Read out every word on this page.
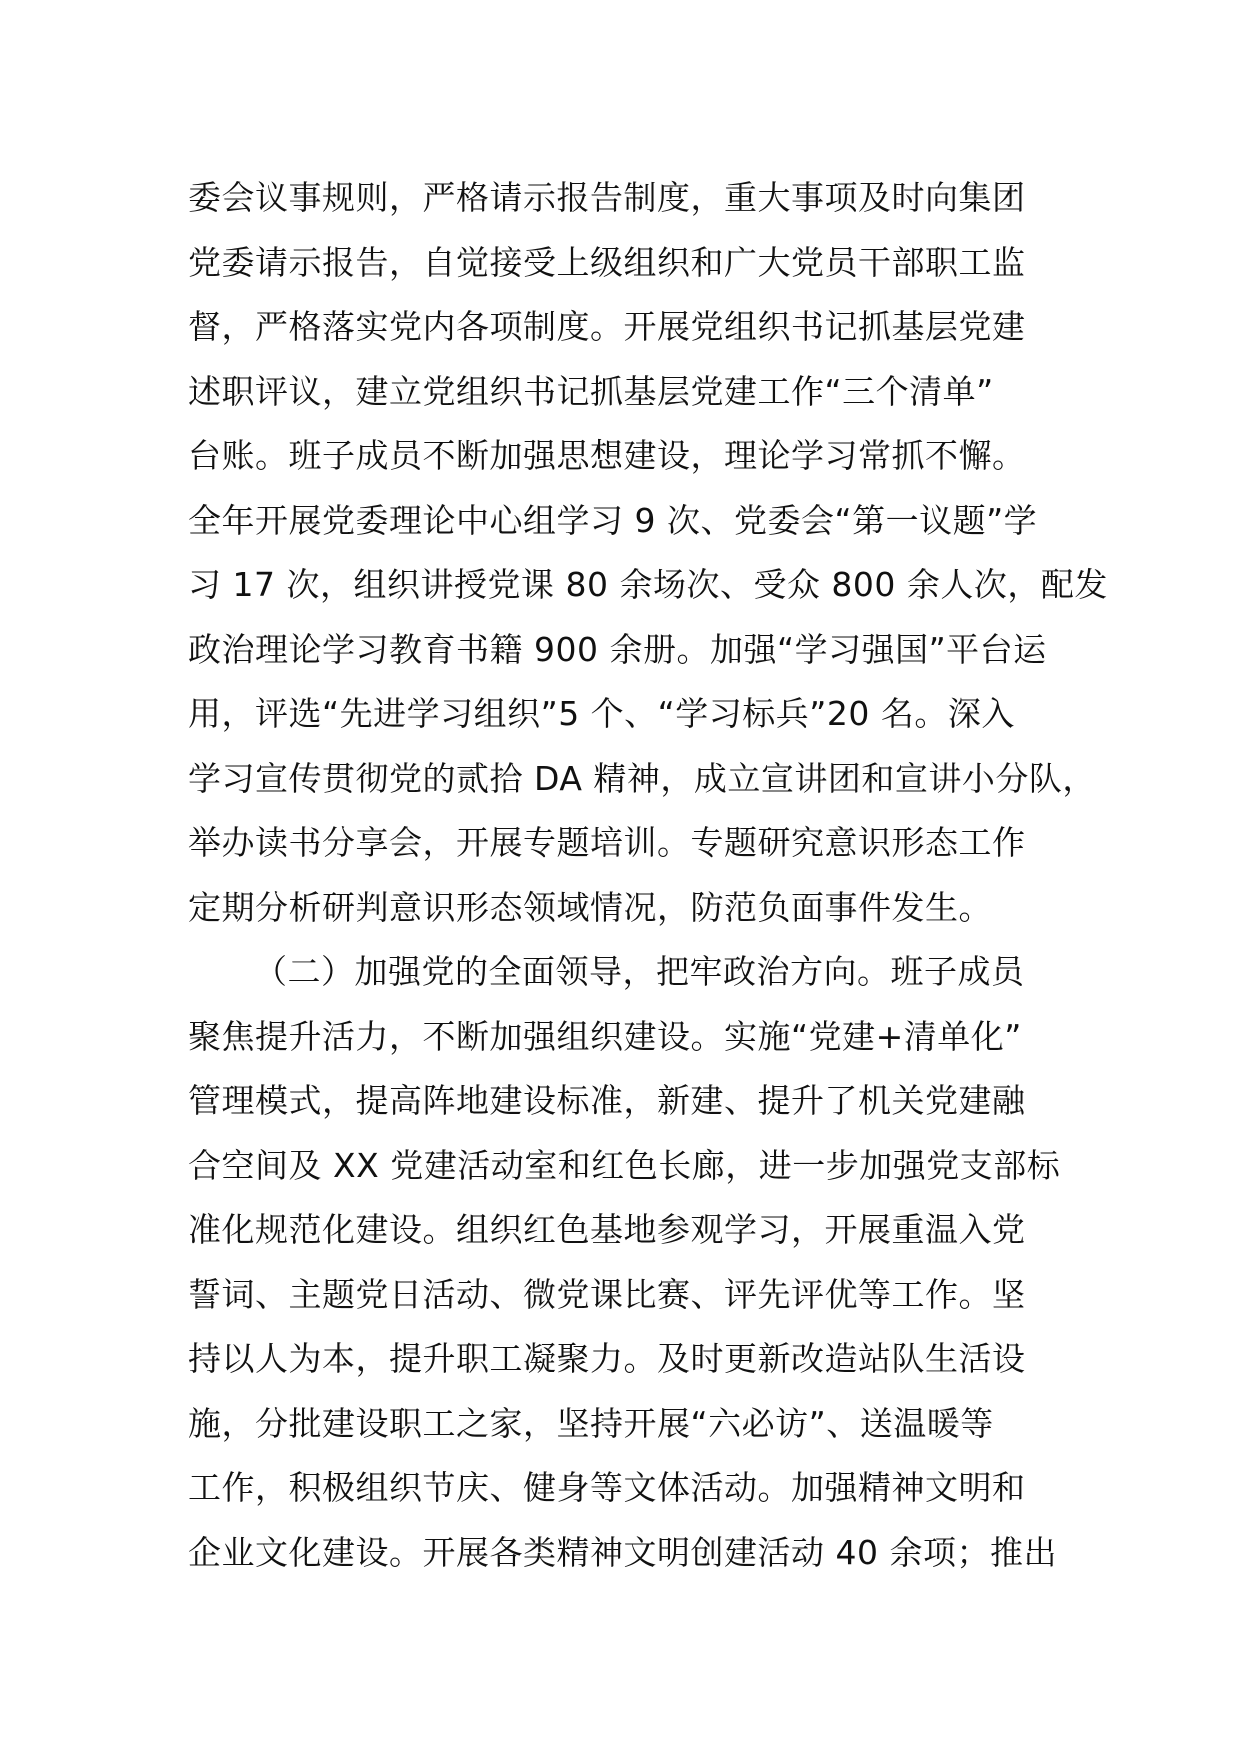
委会议事规则，严格请示报告制度，重大事项及时向集团
党委请示报告，自觉接受上级组织和广大党员干部职工监
督，严格落实党内各项制度。开展党组织书记抓基层党建
述职评议，建立党组织书记抓基层党建工作“三个清单”
台账。班子成员不断加强思想建设，理论学习常抓不懈。
全年开展党委理论中心组学习 9 次、党委会“第一议题”学
习 17 次，组织讲授党课 80 余场次、受众 800 余人次，配发
政治理论学习教育书籍 900 余册。加强“学习强国”平台运
用，评选“先进学习组织”5 个、“学习标兵”20 名。深入
学习宣传贯彻党的贰拾 DA 精神，成立宣讲团和宣讲小分队，
举办读书分享会，开展专题培训。专题研究意识形态工作
定期分析研判意识形态领域情况，防范负面事件发生。
（二）加强党的全面领导，把牢政治方向。班子成员
聚焦提升活力，不断加强组织建设。实施“党建+清单化”
管理模式，提高阵地建设标准，新建、提升了机关党建融
合空间及 XX 党建活动室和红色长廊，进一步加强党支部标
准化规范化建设。组织红色基地参观学习，开展重温入党
誓词、主题党日活动、微党课比赛、评先评优等工作。坚
持以人为本，提升职工凝聚力。及时更新改造站队生活设
施，分批建设职工之家，坚持开展“六必访”、送温暖等
工作，积极组织节庆、健身等文体活动。加强精神文明和
企业文化建设。开展各类精神文明创建活动 40 余项；推出
